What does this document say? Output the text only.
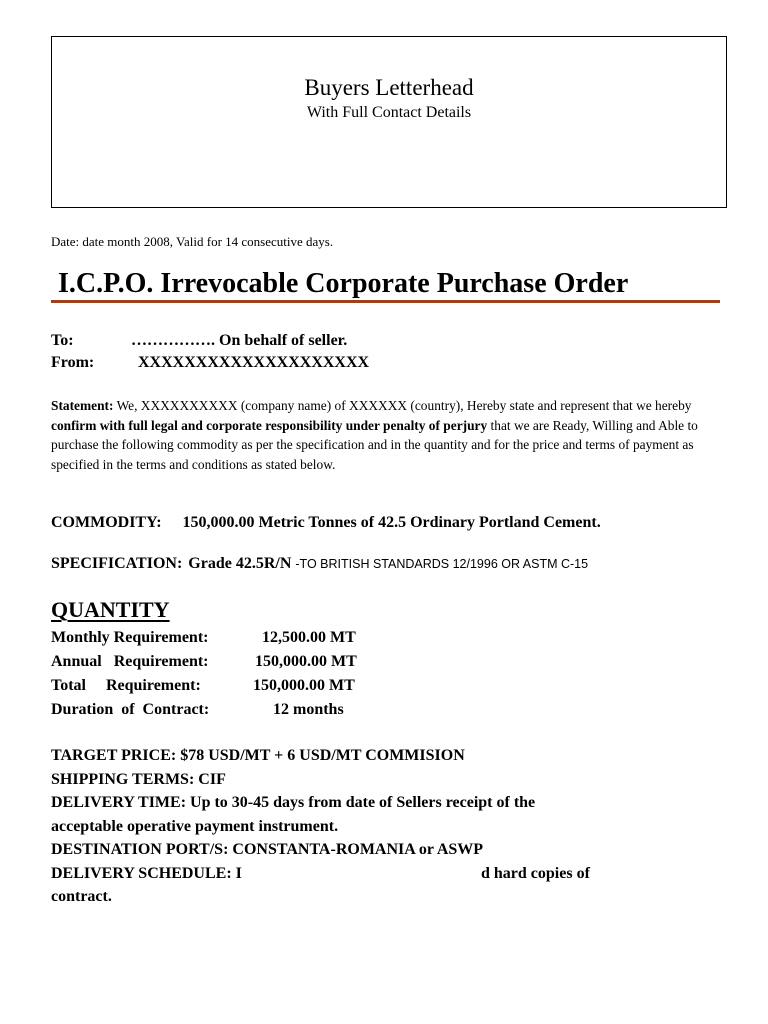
Buyers Letterhead
With Full Contact Details
Date: date month 2008, Valid for 14 consecutive days.
I.C.P.O. Irrevocable Corporate Purchase Order
To:	……………. On behalf of seller.
From:	XXXXXXXXXXXXXXXXXXXX
Statement: We, XXXXXXXXXX (company name) of XXXXXX (country), Hereby state and represent that we hereby confirm with full legal and corporate responsibility under penalty of perjury that we are Ready, Willing and Able to purchase the following commodity as per the specification and in the quantity and for the price and terms of payment as specified in the terms and conditions as stated below.
COMMODITY: 150,000.00 Metric Tonnes of 42.5 Ordinary Portland Cement.
SPECIFICATION: Grade 42.5R/N -TO BRITISH STANDARDS 12/1996 OR ASTM C-15
QUANTITY
Monthly Requirement:	12,500.00 MT
Annual   Requirement:	150,000.00 MT
Total     Requirement:	150,000.00 MT
Duration  of  Contract:	12 months
TARGET PRICE: $78 USD/MT + 6 USD/MT COMMISION
SHIPPING TERMS: CIF
DELIVERY TIME: Up to 30-45 days from date of Sellers receipt of the
acceptable operative payment instrument.
DESTINATION PORT/S: CONSTANTA-ROMANIA or ASWP
DELIVERY SCHEDULE: I	d hard copies of
contract.
